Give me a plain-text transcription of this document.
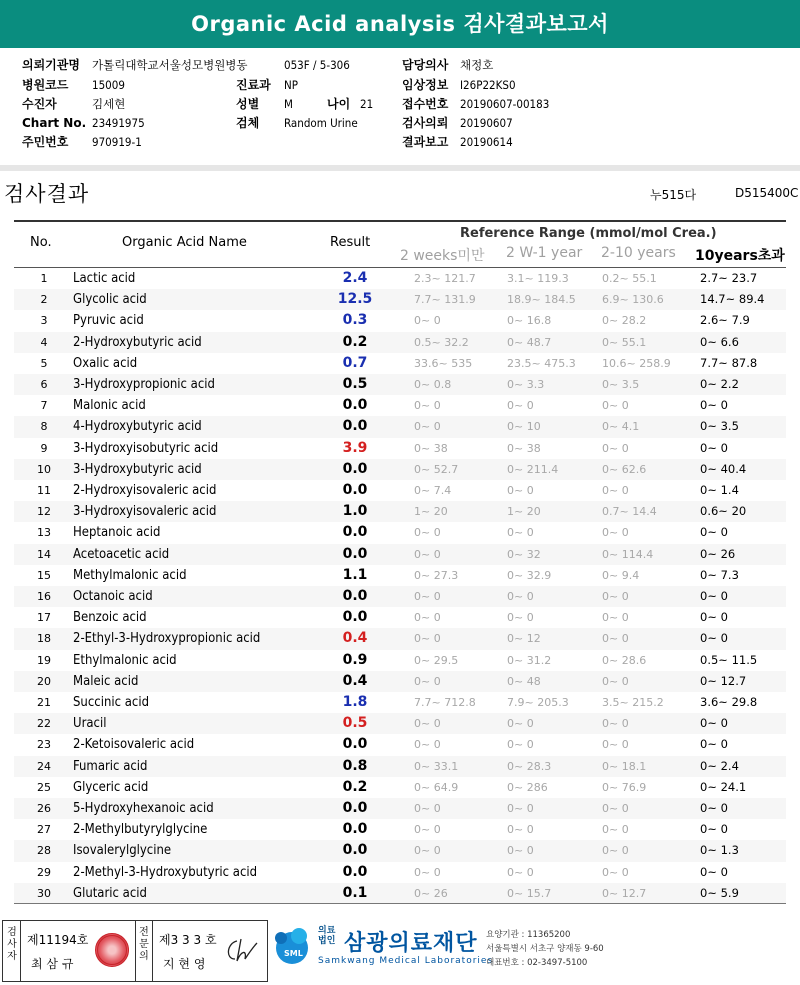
Organic Acid analysis 검사결과보고서
의뢰기관명 가톨릭대학교서울성모병원병동	053F / 5-306
병원코드 15009	진료과 NP
수진자	김세현	성별 M	나이 21
Chart No. 23491975	검체 Random Urine
주민번호 970919-1
담당의사 채정호
임상정보 I26P22KS0
접수번호 20190607-00183
검사의뢰 20190607
결과보고 20190614
검사결과	누515다	D515400C
No.	Organic Acid Name	Result
Reference Range (mmol/mol Crea.)
2 weeks미만 2 W-1 year 2-10 years 10years초과
1	Lactic acid	2.4	2.3~ 121.7	3.1~ 119.3	0.2~ 55.1	2.7~ 23.7
2	Glycolic acid	12.5	7.7~ 131.9	18.9~ 184.5 6.9~ 130.6	14.7~ 89.4
3	Pyruvic acid	0.3	0~ 0	0~ 16.8	0~ 28.2	2.6~ 7.9
4	2-Hydroxybutyric acid	0.2	0.5~ 32.2	0~ 48.7	0~ 55.1	0~ 6.6
5	Oxalic acid	0.7	33.6~ 535	23.5~ 475.3 10.6~ 258.9	7.7~ 87.8
6	3-Hydroxypropionic acid	0.5	0~ 0.8	0~ 3.3	0~ 3.5	0~ 2.2
7	Malonic acid	0.0	0~ 0	0~ 0	0~ 0	0~ 0
8	4-Hydroxybutyric acid	0.0	0~ 0	0~ 10	0~ 4.1	0~ 3.5
9	3-Hydroxyisobutyric acid	3.9	0~ 38	0~ 38	0~ 0	0~ 0
10	3-Hydroxybutyric acid	0.0	0~ 52.7	0~ 211.4	0~ 62.6	0~ 40.4
11	2-Hydroxyisovaleric acid	0.0	0~ 7.4	0~ 0	0~ 0	0~ 1.4
12	3-Hydroxyisovaleric acid	1.0	1~ 20	1~ 20	0.7~ 14.4	0.6~ 20
13	Heptanoic acid	0.0	0~ 0	0~ 0	0~ 0	0~ 0
14	Acetoacetic acid	0.0	0~ 0	0~ 32	0~ 114.4	0~ 26
15	Methylmalonic acid	1.1	0~ 27.3	0~ 32.9	0~ 9.4	0~ 7.3
16	Octanoic acid	0.0	0~ 0	0~ 0	0~ 0	0~ 0
17	Benzoic acid	0.0	0~ 0	0~ 0	0~ 0	0~ 0
18	2-Ethyl-3-Hydroxypropionic acid	0.4	0~ 0	0~ 12	0~ 0	0~ 0
19	Ethylmalonic acid	0.9	0~ 29.5	0~ 31.2	0~ 28.6	0.5~ 11.5
20	Maleic acid	0.4	0~ 0	0~ 48	0~ 0	0~ 12.7
21	Succinic acid	1.8	7.7~ 712.8	7.9~ 205.3	3.5~ 215.2	3.6~ 29.8
22	Uracil	0.5	0~ 0	0~ 0	0~ 0	0~ 0
23	2-Ketoisovaleric acid	0.0	0~ 0	0~ 0	0~ 0	0~ 0
24	Fumaric acid	0.8	0~ 33.1	0~ 28.3	0~ 18.1	0~ 2.4
25	Glyceric acid	0.2	0~ 64.9	0~ 286	0~ 76.9	0~ 24.1
26	5-Hydroxyhexanoic acid	0.0	0~ 0	0~ 0	0~ 0	0~ 0
27	2-Methylbutyrylglycine	0.0	0~ 0	0~ 0	0~ 0	0~ 0
28	Isovalerylglycine	0.0	0~ 0	0~ 0	0~ 0	0~ 1.3
29	2-Methyl-3-Hydroxybutyric acid	0.0	0~ 0	0~ 0	0~ 0	0~ 0
30	Glutaric acid	0.1	0~ 26	0~ 15.7	0~ 12.7	0~ 5.9
검사자
제11194호
최 삼 규
전문의
제3 3 3 호
지 현 영
SML
의료법인 삼광의료재단
Samkwang Medical Laboratories
요양기관 : 11365200
서울특별시 서초구 양재동 9-60
대표번호 : 02-3497-5100
